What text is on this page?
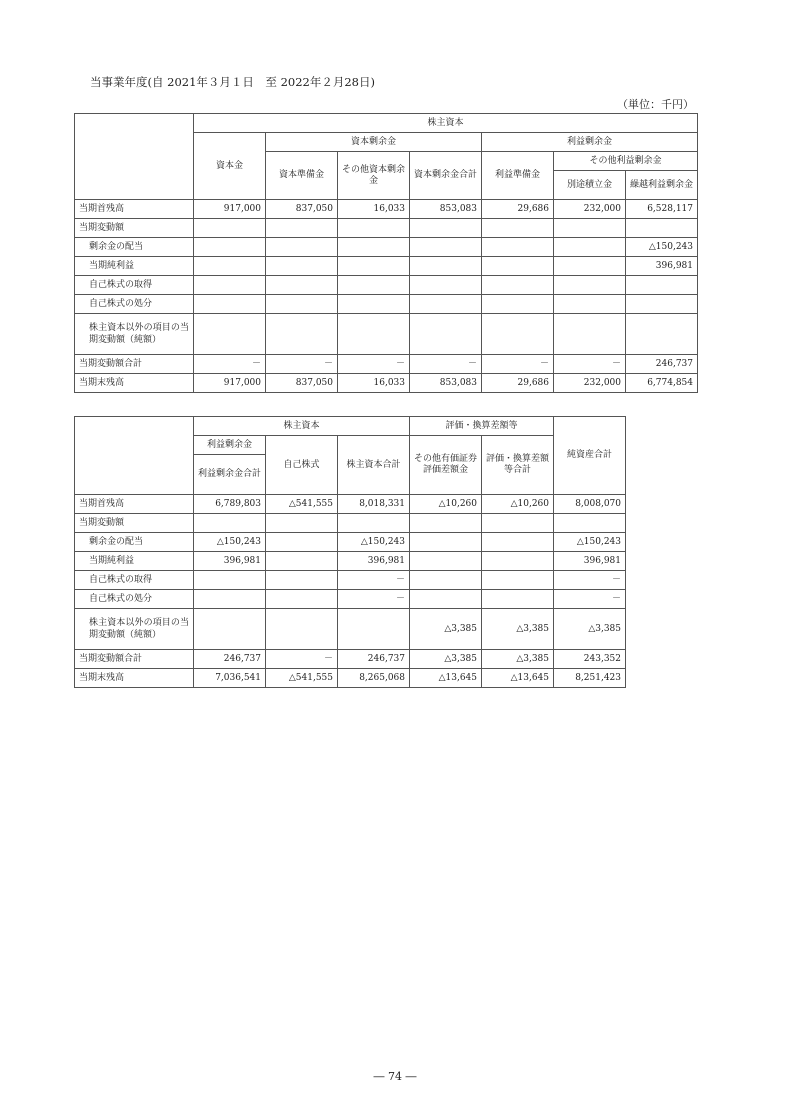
当事業年度(自 2021年３月１日　至 2022年２月28日)
（単位：千円）
	株主資本						
	資本金	資本剰余金			利益剰余金		
		資本準備金	その他資本剰余金	資本剰余金合計	利益準備金	その他利益剰余金	
						別途積立金	繰越利益剰余金
当期首残高	917,000	837,050	16,033	853,083	29,686	232,000	6,528,117
当期変動額							
剰余金の配当							△150,243
当期純利益							396,981
自己株式の取得							
自己株式の処分							
株主資本以外の項目の当期変動額（純額）							
当期変動額合計	－	－	－	－	－	－	246,737
当期末残高	917,000	837,050	16,033	853,083	29,686	232,000	6,774,854
	株主資本			評価・換算差額等		純資産合計
	利益剰余金	自己株式	株主資本合計	その他有価証券評価差額金	評価・換算差額等合計	
	利益剰余金合計					
当期首残高	6,789,803	△541,555	8,018,331	△10,260	△10,260	8,008,070
当期変動額						
剰余金の配当	△150,243		△150,243			△150,243
当期純利益	396,981		396,981			396,981
自己株式の取得			－			－
自己株式の処分			－			－
株主資本以外の項目の当期変動額（純額）				△3,385	△3,385	△3,385
当期変動額合計	246,737	－	246,737	△3,385	△3,385	243,352
当期末残高	7,036,541	△541,555	8,265,068	△13,645	△13,645	8,251,423
― 74 ―
